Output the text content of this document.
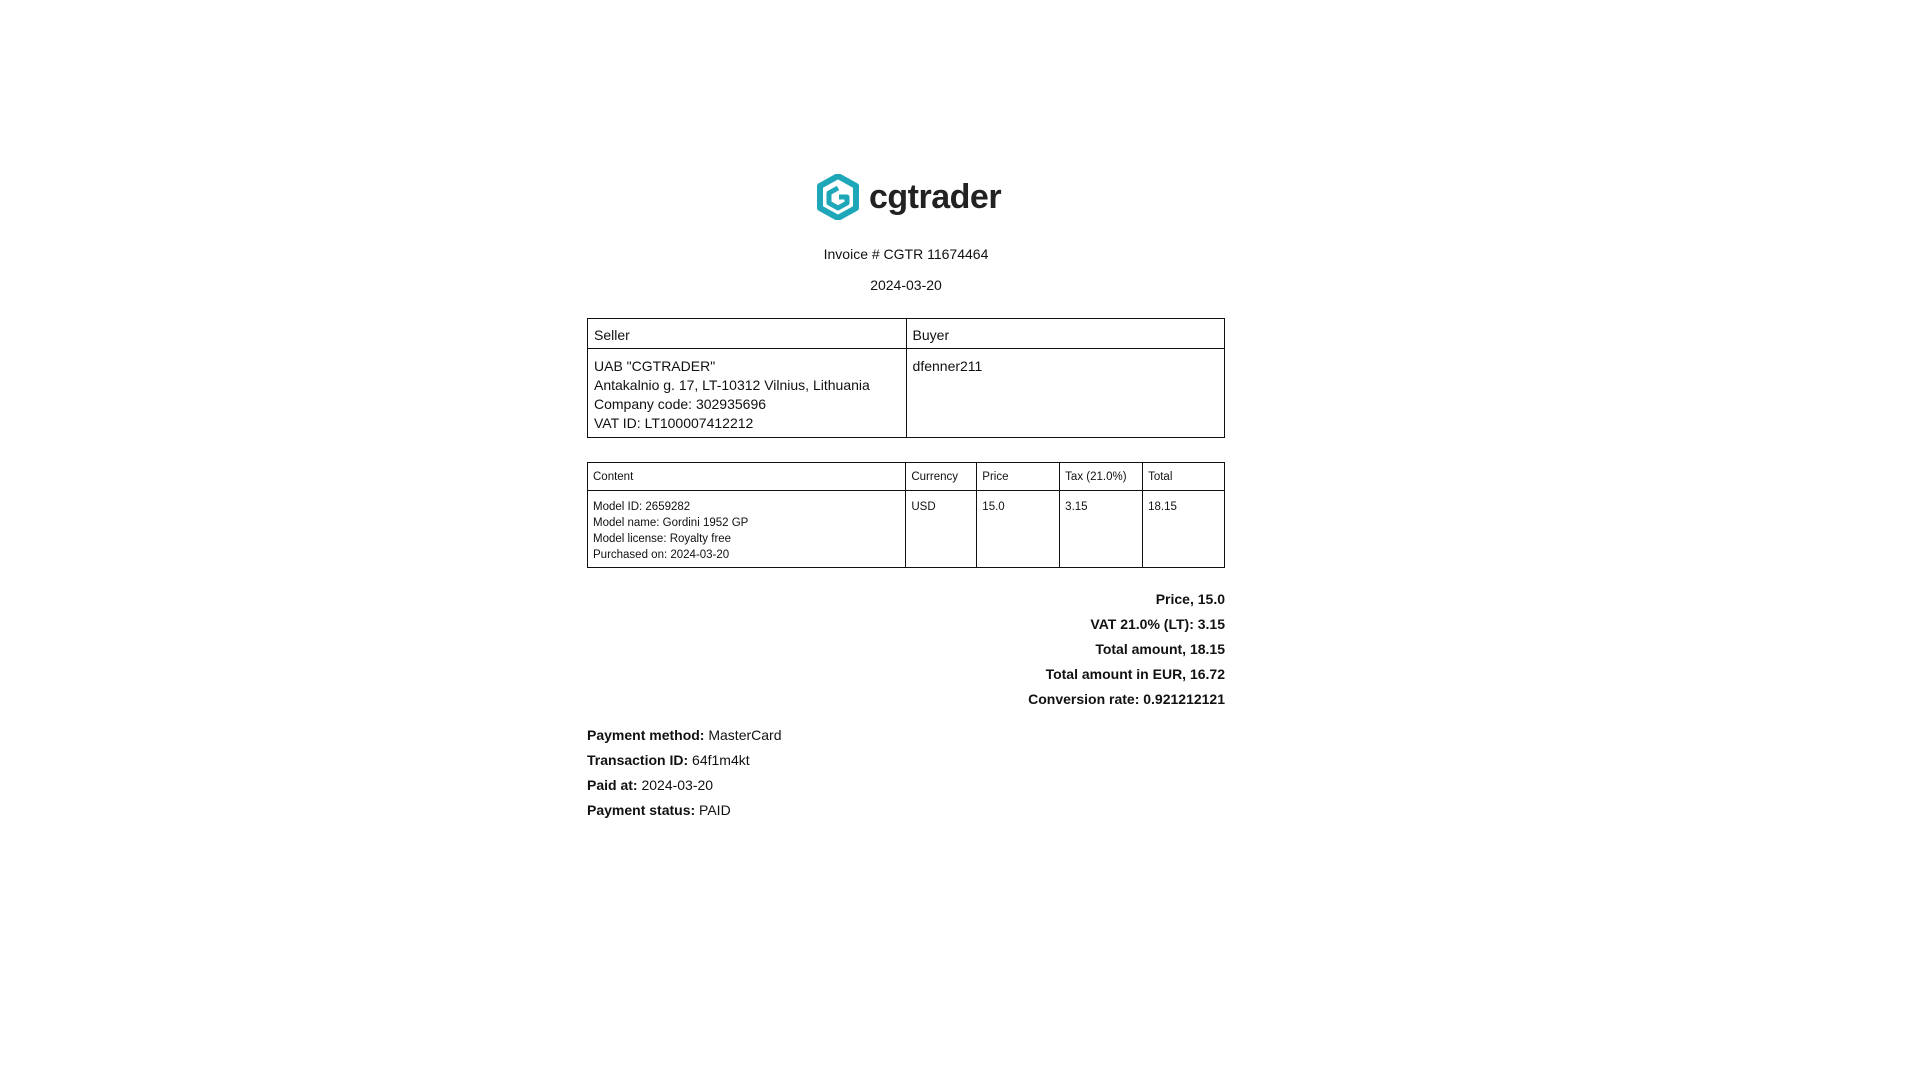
cgtrader
Invoice # CGTR 11674464
2024-03-20
Seller	Buyer

UAB "CGTRADER"
Antakalnio g. 17, LT-10312 Vilnius, Lithuania
Company code: 302935696
VAT ID: LT100007412212	dfenner211
Content	Currency	Price	Tax (21.0%)	Total

Model ID: 2659282
Model name: Gordini 1952 GP
Model license: Royalty free
Purchased on: 2024-03-20	USD	15.0	3.15	18.15
Price, 15.0
VAT 21.0% (LT): 3.15
Total amount, 18.15
Total amount in EUR, 16.72
Conversion rate: 0.921212121
Payment method: MasterCard
Transaction ID: 64f1m4kt
Paid at: 2024-03-20
Payment status: PAID
